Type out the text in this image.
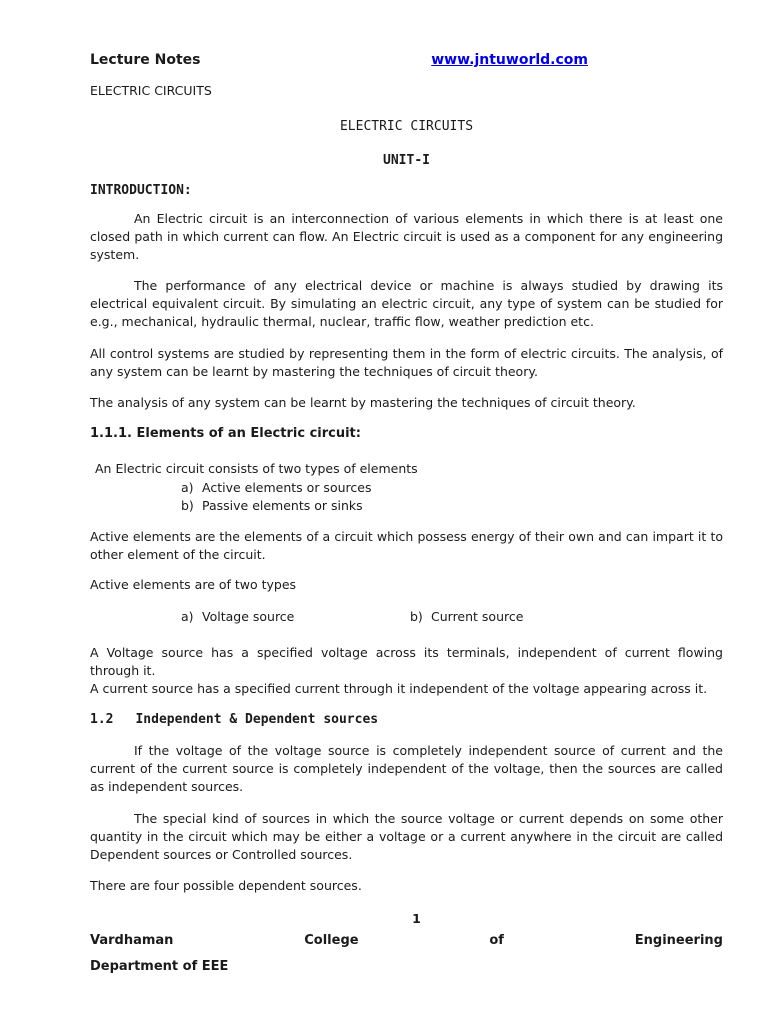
Lecture Notes	www.jntuworld.com
ELECTRIC CIRCUITS
ELECTRIC CIRCUITS
UNIT-I
INTRODUCTION:

An Electric circuit is an interconnection of various elements in which there is at least one closed path in which current can flow. An Electric circuit is used as a component for any engineering system.

The performance of any electrical device or machine is always studied by drawing its electrical equivalent circuit. By simulating an electric circuit, any type of system can be studied for e.g., mechanical, hydraulic thermal, nuclear, traffic flow, weather prediction etc.

All control systems are studied by representing them in the form of electric circuits. The analysis, of any system can be learnt by mastering the techniques of circuit theory.

The analysis of any system can be learnt by mastering the techniques of circuit theory.

1.1.1. Elements of an Electric circuit:
An Electric circuit consists of two types of elements
a) Active elements or sources
b) Passive elements or sinks

Active elements are the elements of a circuit which possess energy of their own and can impart it to other element of the circuit.

Active elements are of two types
a) Voltage source	b) Current source

A Voltage source has a specified voltage across its terminals, independent of current flowing through it.

A current source has a specified current through it independent of the voltage appearing across it.

1.2 Independent & Dependent sources

If the voltage of the voltage source is completely independent source of current and the current of the current source is completely independent of the voltage, then the sources are called as independent sources.

The special kind of sources in which the source voltage or current depends on some other quantity in the circuit which may be either a voltage or a current anywhere in the circuit are called Dependent sources or Controlled sources.

There are four possible dependent sources.

1
Vardhaman	College	of	Engineering
Department of EEE
